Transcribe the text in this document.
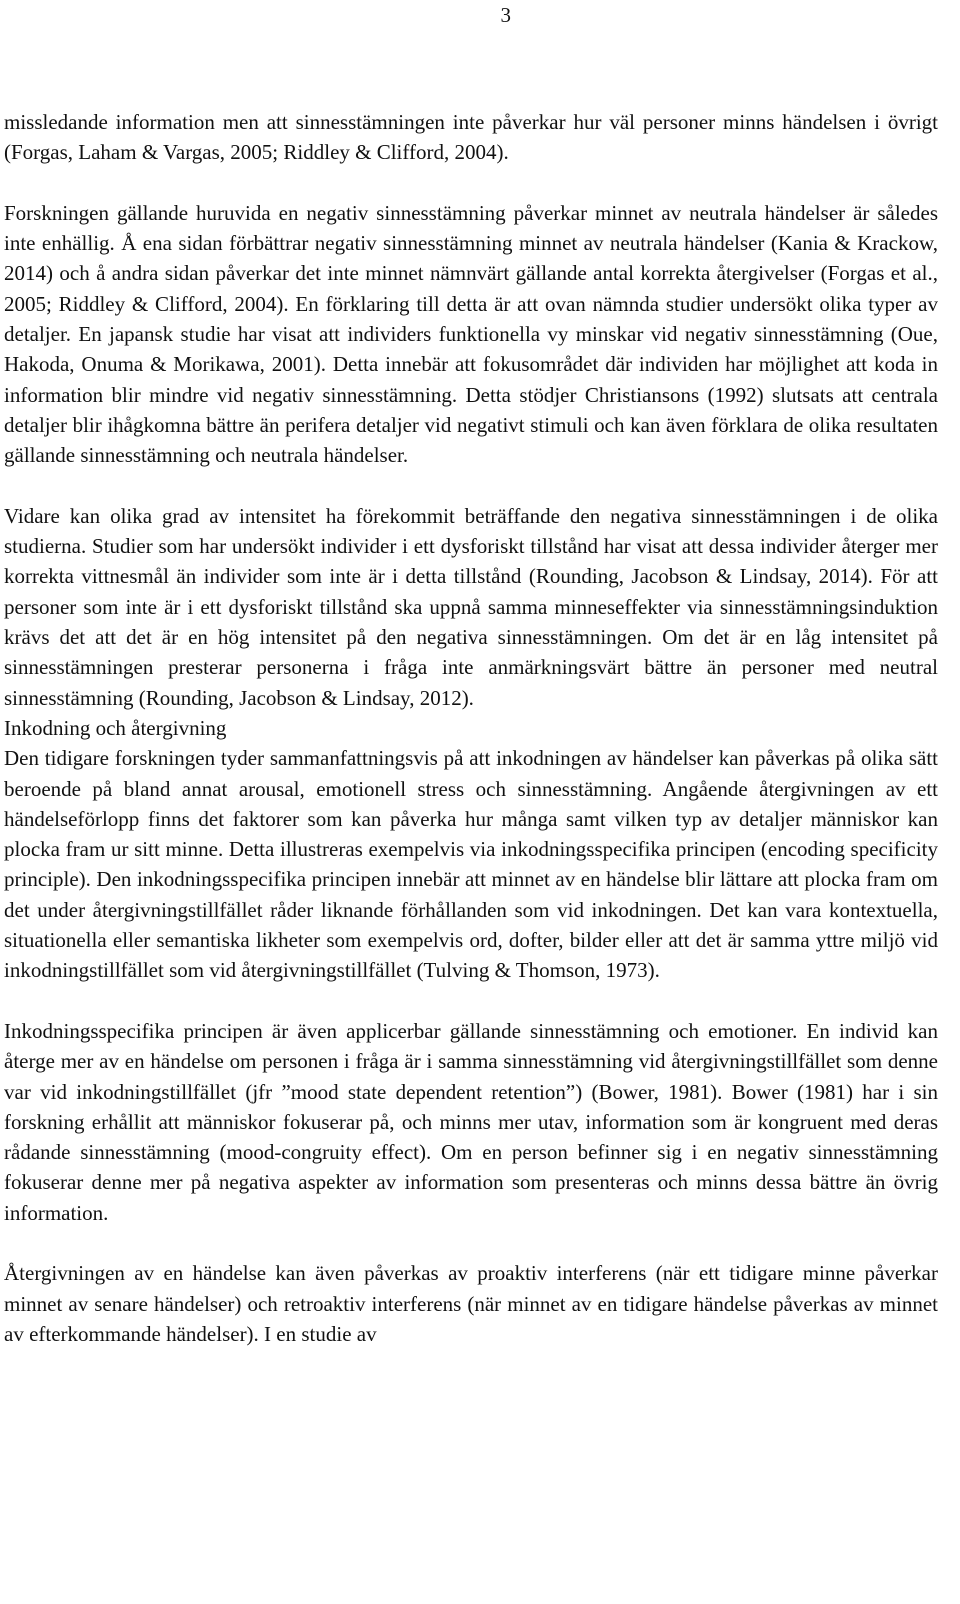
3

missledande information men att sinnesstämningen inte påverkar hur väl personer minns händelsen i övrigt (Forgas, Laham & Vargas, 2005; Riddley & Clifford, 2004).

Forskningen gällande huruvida en negativ sinnesstämning påverkar minnet av neutrala händelser är således inte enhällig. Å ena sidan förbättrar negativ sinnesstämning minnet av neutrala händelser (Kania & Krackow, 2014) och å andra sidan påverkar det inte minnet nämnvärt gällande antal korrekta återgivelser (Forgas et al., 2005; Riddley & Clifford, 2004). En förklaring till detta är att ovan nämnda studier undersökt olika typer av detaljer. En japansk studie har visat att individers funktionella vy minskar vid negativ sinnesstämning (Oue, Hakoda, Onuma & Morikawa, 2001). Detta innebär att fokusområdet där individen har möjlighet att koda in information blir mindre vid negativ sinnesstämning. Detta stödjer Christiansons (1992) slutsats att centrala detaljer blir ihågkomna bättre än perifera detaljer vid negativt stimuli och kan även förklara de olika resultaten gällande sinnesstämning och neutrala händelser.

Vidare kan olika grad av intensitet ha förekommit beträffande den negativa sinnesstämningen i de olika studierna. Studier som har undersökt individer i ett dysforiskt tillstånd har visat att dessa individer återger mer korrekta vittnesmål än individer som inte är i detta tillstånd (Rounding, Jacobson & Lindsay, 2014). För att personer som inte är i ett dysforiskt tillstånd ska uppnå samma minneseffekter via sinnesstämningsinduktion krävs det att det är en hög intensitet på den negativa sinnesstämningen. Om det är en låg intensitet på sinnesstämningen presterar personerna i fråga inte anmärkningsvärt bättre än personer med neutral sinnesstämning (Rounding, Jacobson & Lindsay, 2012).

Inkodning och återgivning

Den tidigare forskningen tyder sammanfattningsvis på att inkodningen av händelser kan påverkas på olika sätt beroende på bland annat arousal, emotionell stress och sinnesstämning. Angående återgivningen av ett händelseförlopp finns det faktorer som kan påverka hur många samt vilken typ av detaljer människor kan plocka fram ur sitt minne. Detta illustreras exempelvis via inkodningsspecifika principen (encoding specificity principle). Den inkodningsspecifika principen innebär att minnet av en händelse blir lättare att plocka fram om det under återgivningstillfället råder liknande förhållanden som vid inkodningen. Det kan vara kontextuella, situationella eller semantiska likheter som exempelvis ord, dofter, bilder eller att det är samma yttre miljö vid inkodningstillfället som vid återgivningstillfället (Tulving & Thomson, 1973).

Inkodningsspecifika principen är även applicerbar gällande sinnesstämning och emotioner. En individ kan återge mer av en händelse om personen i fråga är i samma sinnesstämning vid återgivningstillfället som denne var vid inkodningstillfället (jfr ”mood state dependent retention”) (Bower, 1981). Bower (1981) har i sin forskning erhållit att människor fokuserar på, och minns mer utav, information som är kongruent med deras rådande sinnesstämning (mood-congruity effect). Om en person befinner sig i en negativ sinnesstämning fokuserar denne mer på negativa aspekter av information som presenteras och minns dessa bättre än övrig information.

Återgivningen av en händelse kan även påverkas av proaktiv interferens (när ett tidigare minne påverkar minnet av senare händelser) och retroaktiv interferens (när minnet av en tidigare händelse påverkas av minnet av efterkommande händelser). I en studie av
